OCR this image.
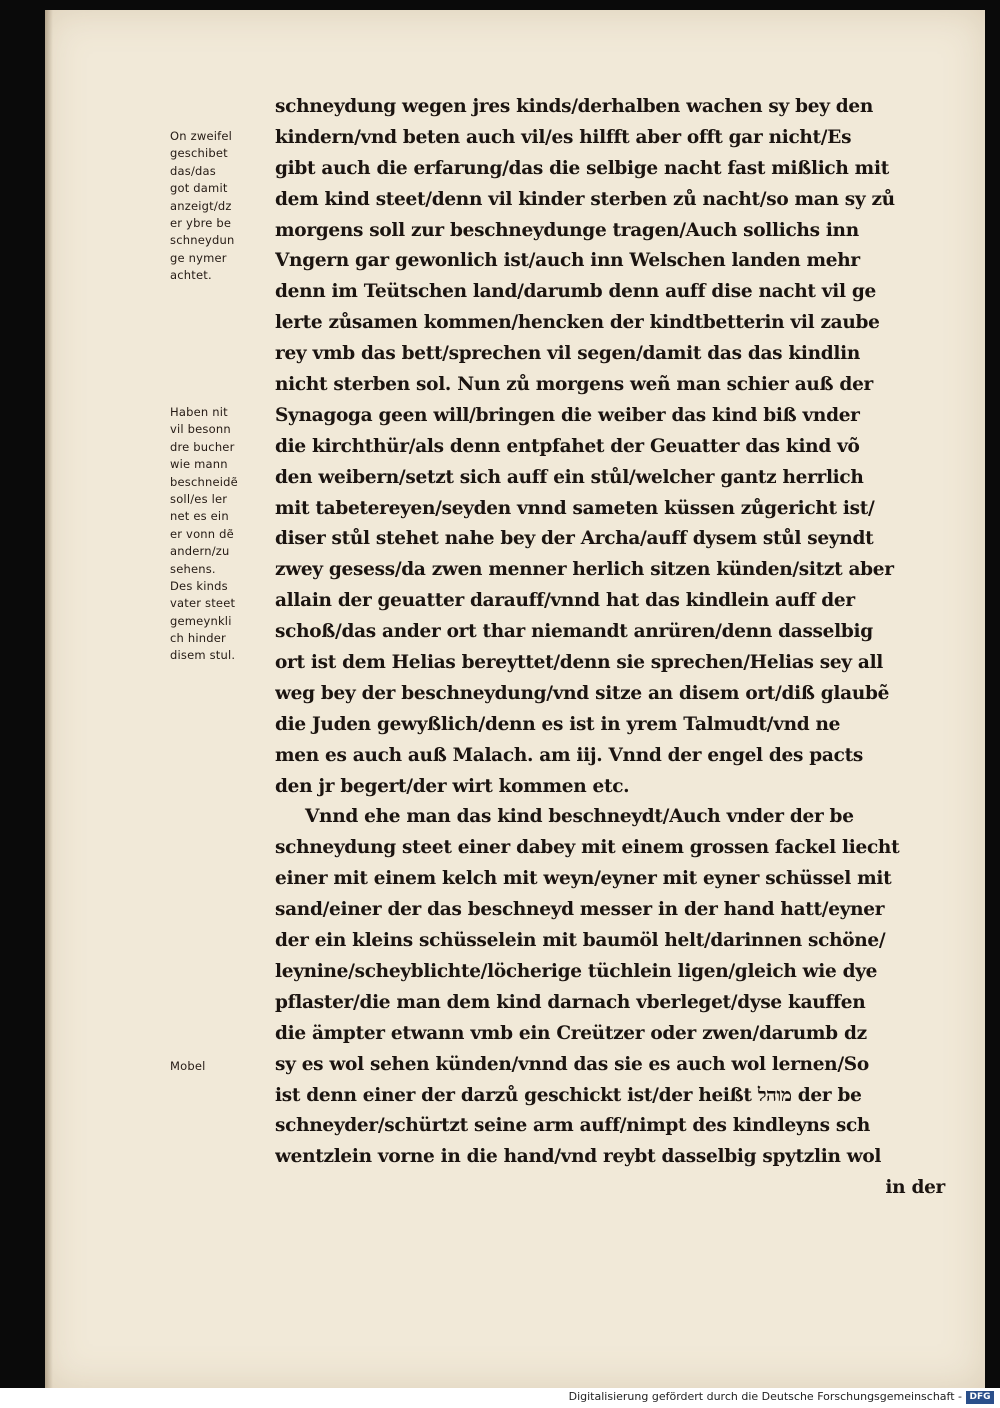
schneydung wegen jres kinds/derhalben wachen sy bey den
kindern/vnd beten auch vil/es hilfft aber offt gar nicht/Es
gibt auch die erfarung/das die selbige nacht fast mißlich mit
dem kind steet/denn vil kinder sterben zů nacht/so man sy zů
morgens soll zur beschneydunge tragen/Auch sollichs inn
Vngern gar gewonlich ist/auch inn Welschen landen mehr
denn im Teütschen land/darumb denn auff dise nacht vil ge
lerte zůsamen kommen/hencken der kindtbetterin vil zaube
rey vmb das bett/sprechen vil segen/damit das das kindlin
nicht sterben sol. Nun zů morgens weñ man schier auß der
Synagoga geen will/bringen die weiber das kind biß vnder
die kirchthür/als denn entpfahet der Geuatter das kind võ
den weibern/setzt sich auff ein stůl/welcher gantz herrlich
mit tabetereyen/seyden vnnd sameten küssen zůgericht ist/
diser stůl stehet nahe bey der Archa/auff dysem stůl seyndt
zwey gesess/da zwen menner herlich sitzen künden/sitzt aber
allain der geuatter darauff/vnnd hat das kindlein auff der
schoß/das ander ort thar niemandt anrüren/denn dasselbig
ort ist dem Helias bereyttet/denn sie sprechen/Helias sey all
weg bey der beschneydung/vnd sitze an disem ort/diß glaubẽ
die Juden gewyßlich/denn es ist in yrem Talmudt/vnd ne
men es auch auß Malach. am iij. Vnnd der engel des pacts
den jr begert/der wirt kommen etc.
Vnnd ehe man das kind beschneydt/Auch vnder der be
schneydung steet einer dabey mit einem grossen fackel liecht
einer mit einem kelch mit weyn/eyner mit eyner schüssel mit
sand/einer der das beschneyd messer in der hand hatt/eyner
der ein kleins schüsselein mit baumöl helt/darinnen schöne/
leynine/scheyblichte/löcherige tüchlein ligen/gleich wie dye
pflaster/die man dem kind darnach vberleget/dyse kauffen
die ämpter etwann vmb ein Creützer oder zwen/darumb dz
sy es wol sehen künden/vnnd das sie es auch wol lernen/So
ist denn einer der darzů geschickt ist/der heißt מוהל der be
schneyder/schürtzt seine arm auff/nimpt des kindleyns sch
wentzlein vorne in die hand/vnd reybt dasselbig spytzlin wol
in der
On zweifel
geschibet
das/das
got damit
anzeigt/dz
er ybre be
schneydun
ge nymer
achtet.
Haben nit
vil besonn
dre bucher
wie mann
beschneidẽ
soll/es ler
net es ein
er vonn dẽ
andern/zu
sehens.
Des kinds
vater steet
gemeynkli
ch hinder
disem stul.
Mobel
Digitalisierung gefördert durch die Deutsche Forschungsgemeinschaft - DFG
